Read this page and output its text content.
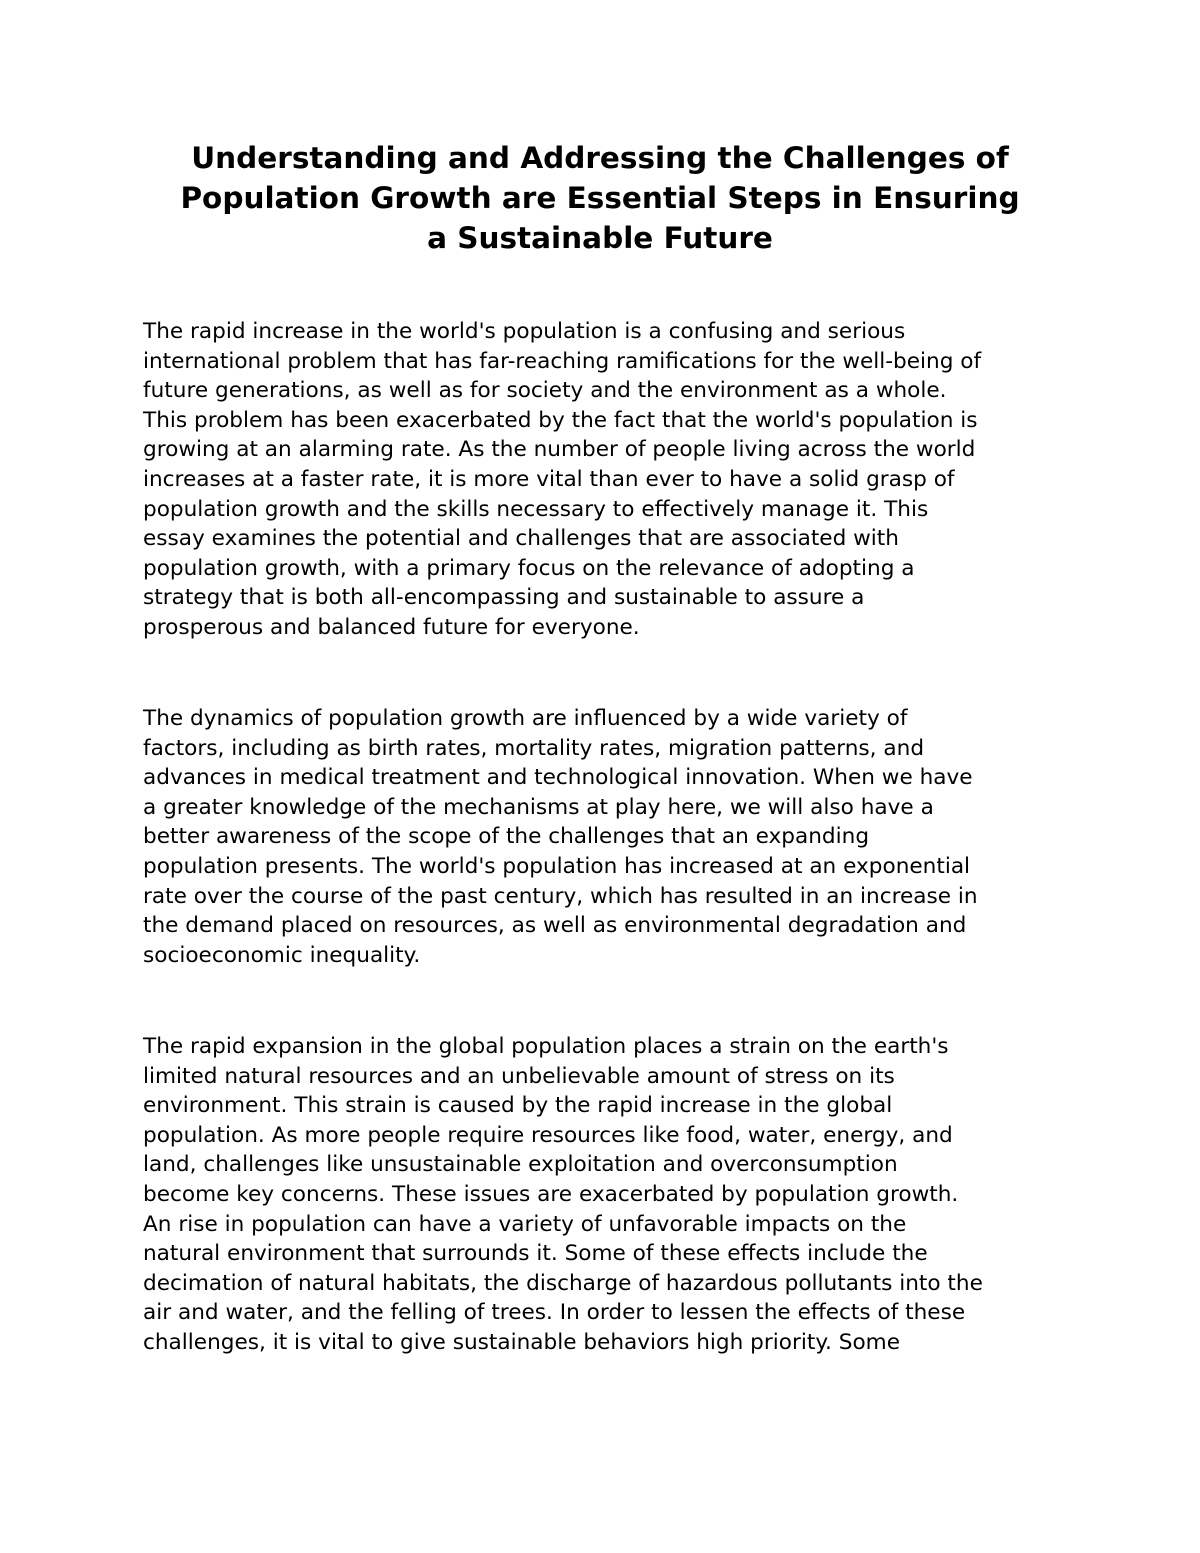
Understanding and Addressing the Challenges of
Population Growth are Essential Steps in Ensuring
a Sustainable Future

The rapid increase in the world's population is a confusing and serious
international problem that has far-reaching ramifications for the well-being of
future generations, as well as for society and the environment as a whole.
This problem has been exacerbated by the fact that the world's population is
growing at an alarming rate. As the number of people living across the world
increases at a faster rate, it is more vital than ever to have a solid grasp of
population growth and the skills necessary to effectively manage it. This
essay examines the potential and challenges that are associated with
population growth, with a primary focus on the relevance of adopting a
strategy that is both all-encompassing and sustainable to assure a
prosperous and balanced future for everyone.

The dynamics of population growth are influenced by a wide variety of
factors, including as birth rates, mortality rates, migration patterns, and
advances in medical treatment and technological innovation. When we have
a greater knowledge of the mechanisms at play here, we will also have a
better awareness of the scope of the challenges that an expanding
population presents. The world's population has increased at an exponential
rate over the course of the past century, which has resulted in an increase in
the demand placed on resources, as well as environmental degradation and
socioeconomic inequality.

The rapid expansion in the global population places a strain on the earth's
limited natural resources and an unbelievable amount of stress on its
environment. This strain is caused by the rapid increase in the global
population. As more people require resources like food, water, energy, and
land, challenges like unsustainable exploitation and overconsumption
become key concerns. These issues are exacerbated by population growth.
An rise in population can have a variety of unfavorable impacts on the
natural environment that surrounds it. Some of these effects include the
decimation of natural habitats, the discharge of hazardous pollutants into the
air and water, and the felling of trees. In order to lessen the effects of these
challenges, it is vital to give sustainable behaviors high priority. Some
